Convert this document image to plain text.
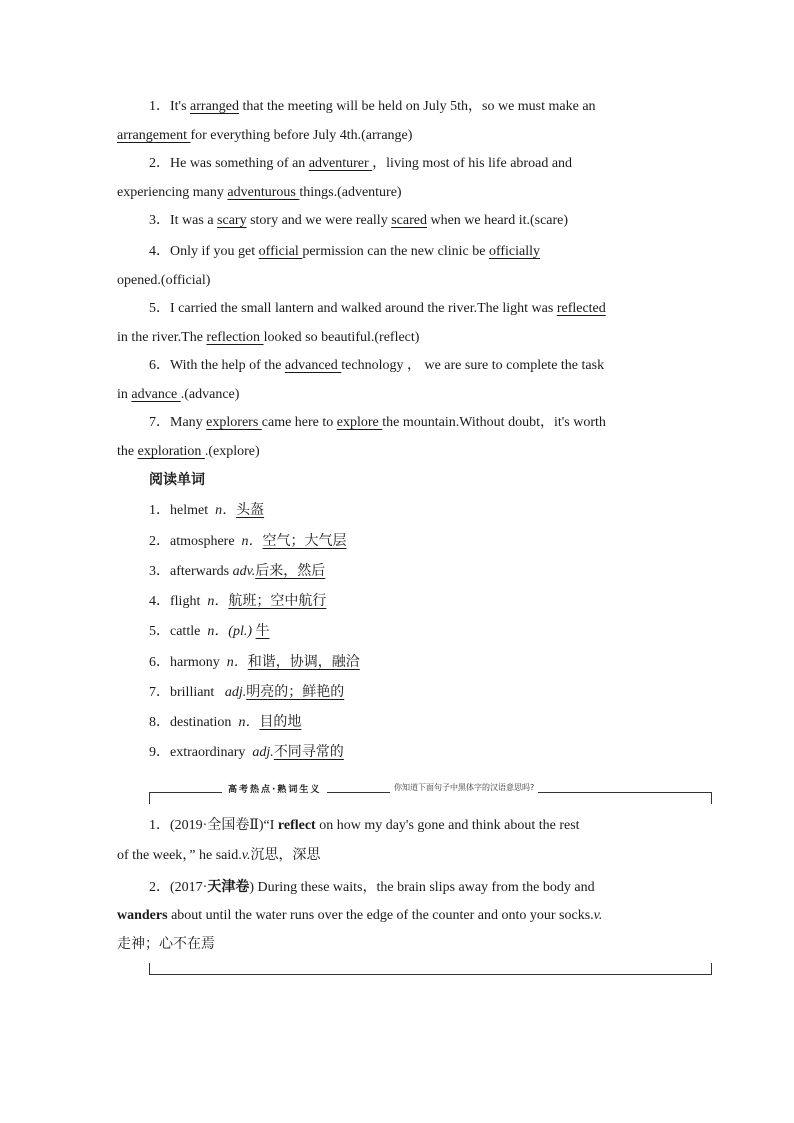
1．It's arranged that the meeting will be held on July 5th，so we must make an
arrangement for everything before July 4th.(arrange)
2．He was something of an adventurer ，living most of his life abroad and
experiencing many adventurous things.(adventure)
3．It was a scary story and we were really scared when we heard it.(scare)
4．Only if you get official permission can the new clinic be officially
opened.(official)
5．I carried the small lantern and walked around the river.The light was reflected
in the river.The reflection looked so beautiful.(reflect)
6．With the help of the advanced technology ， we are sure to complete the task
in advance .(advance)
7．Many explorers came here to explore the mountain.Without doubt，it's worth
the exploration .(explore)
阅读单词
1．helmet n．头盔
2．atmosphere n．空气；大气层
3．afterwards adv.后来，然后
4．flight n．航班；空中航行
5．cattle n．(pl.) 牛
6．harmony n．和谐，协调，融洽
7．brilliant adj.明亮的；鲜艳的
8．destination n．目的地
9．extraordinary adj.不同寻常的
高考热点·熟词生义	你知道下面句子中黑体字的汉语意思吗?
1．(2019·全国卷Ⅱ)“I reflect on how my day's gone and think about the rest
of the week，” he said.v.沉思，深思
2．(2017·天津卷) During these waits，the brain slips away from the body and
wanders about until the water runs over the edge of the counter and onto your socks.v.
走神；心不在焉
